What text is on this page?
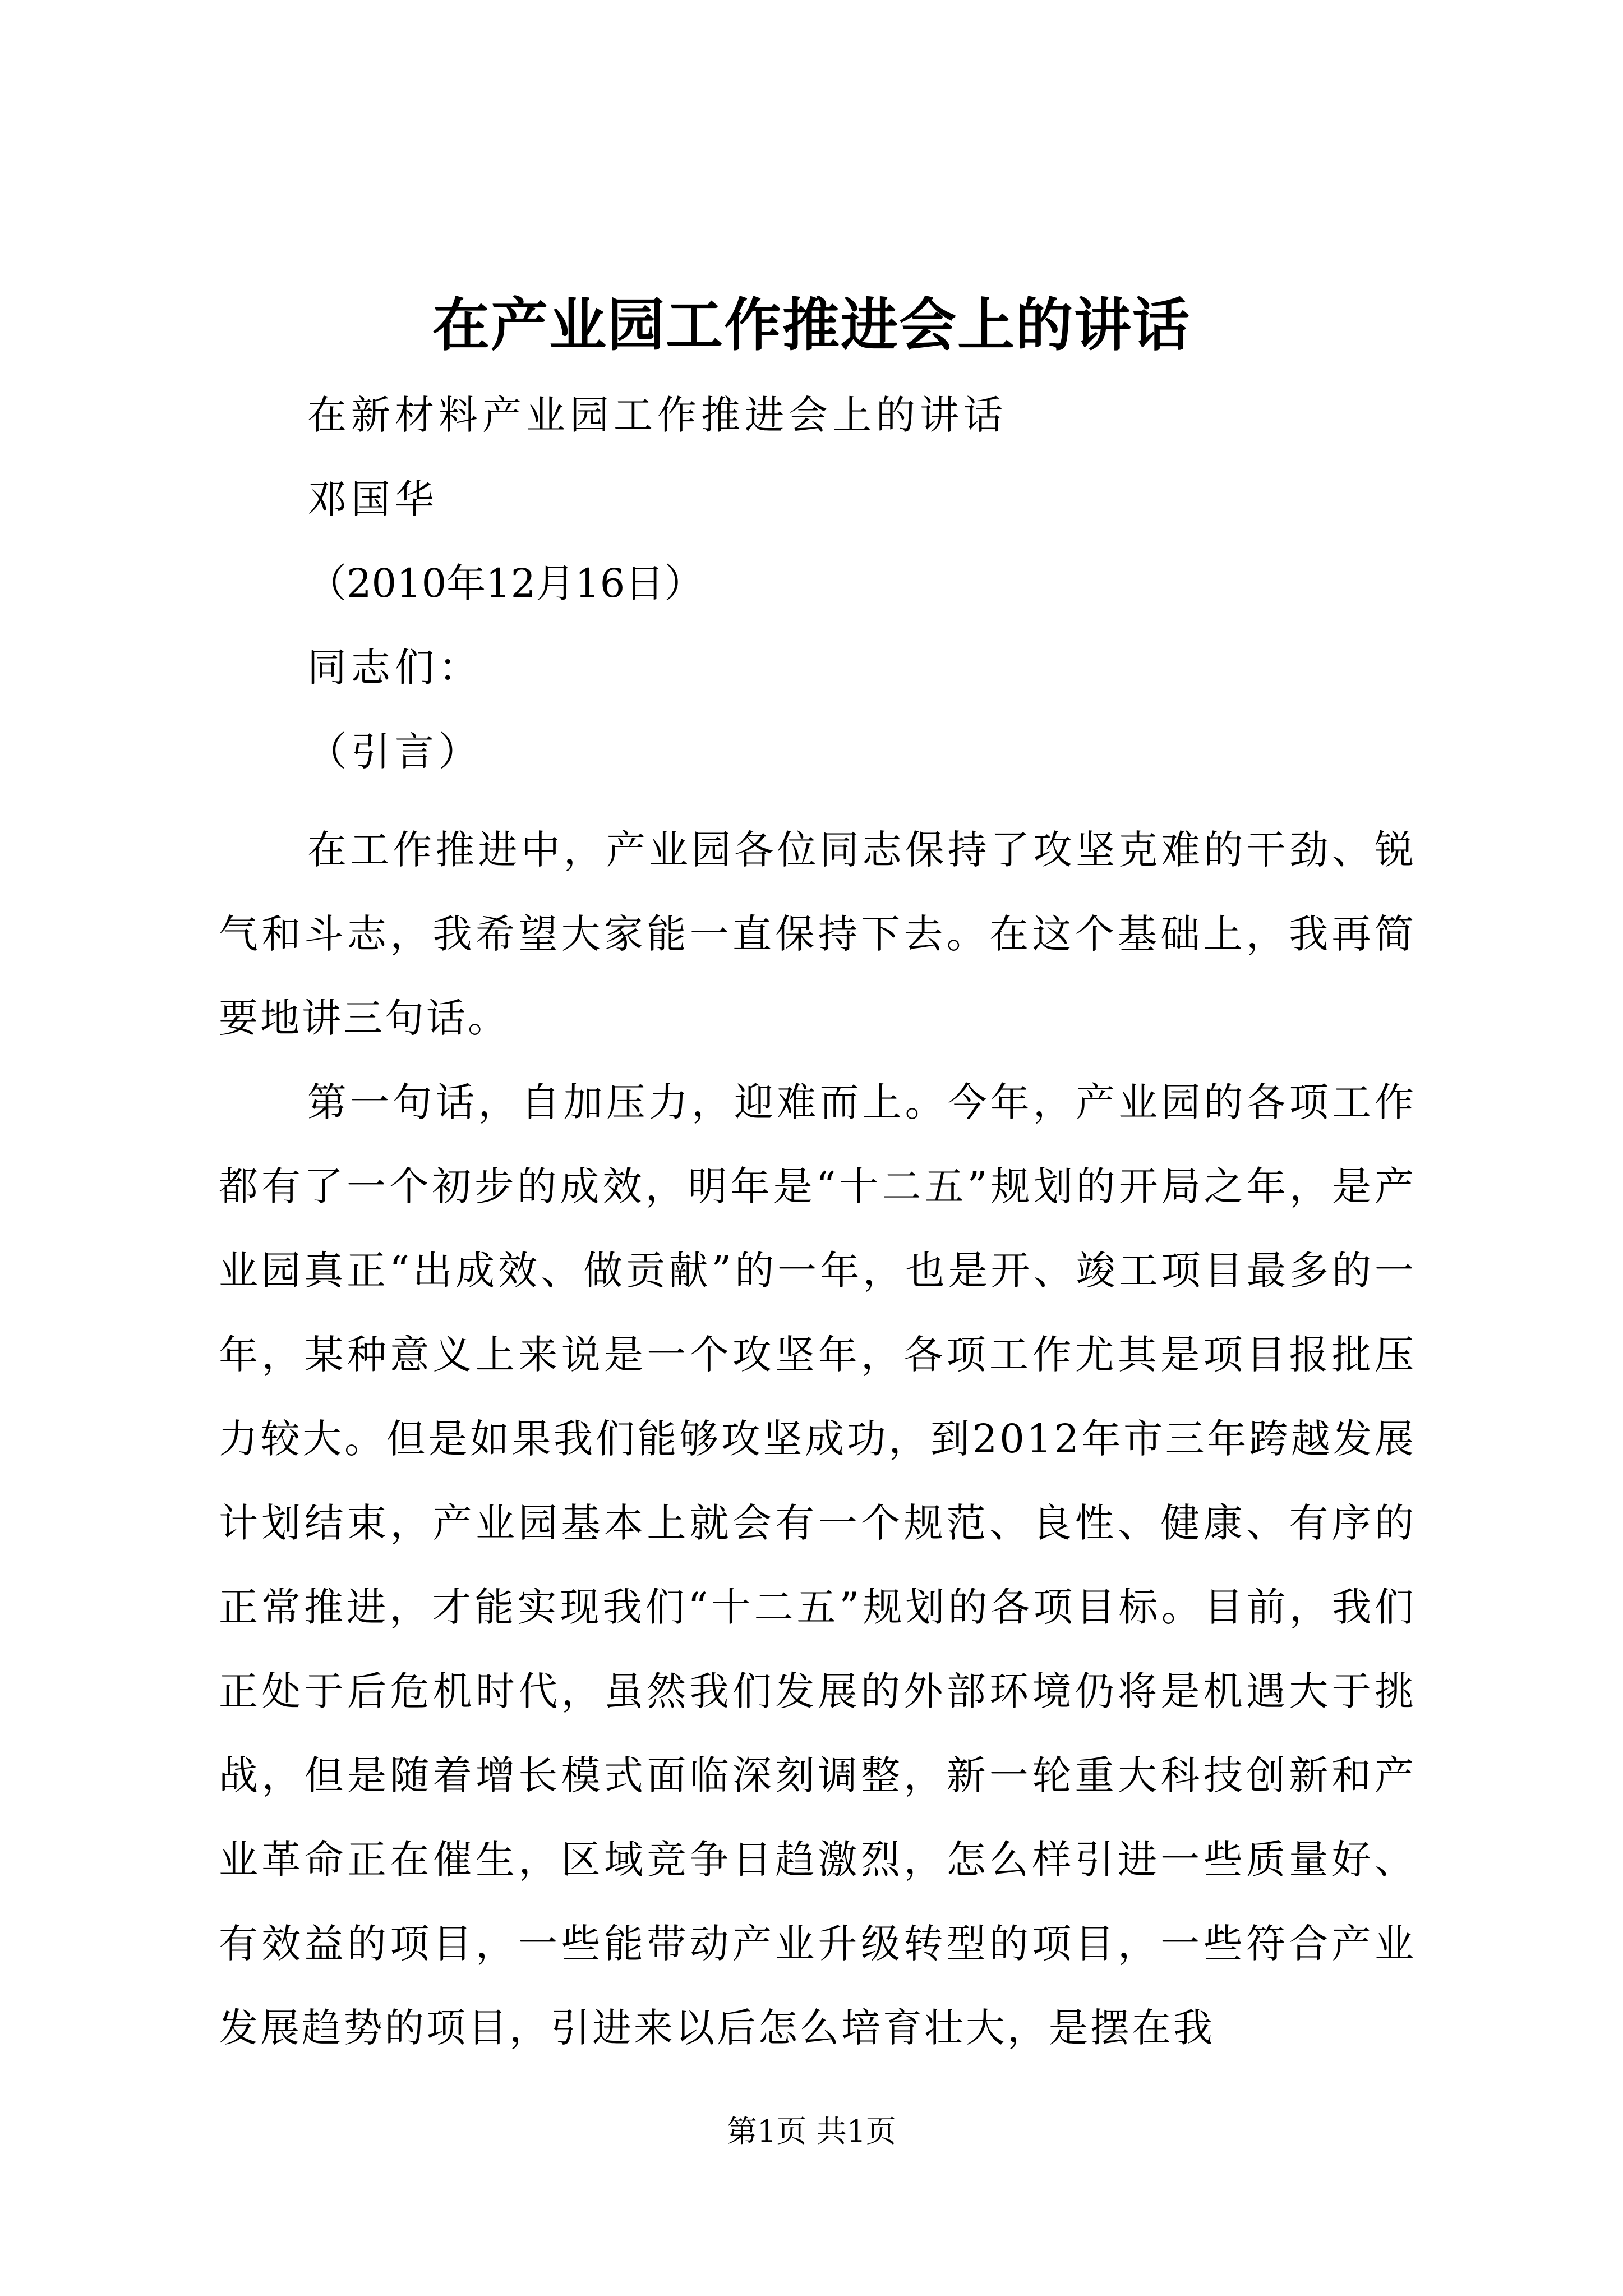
在产业园工作推进会上的讲话

在新材料产业园工作推进会上的讲话

邓国华

（2010年12月16日）

同志们：

（引言）

在工作推进中，产业园各位同志保持了攻坚克难的干劲、锐气和斗志，我希望大家能一直保持下去。在这个基础上，我再简要地讲三句话。

第一句话，自加压力，迎难而上。今年，产业园的各项工作都有了一个初步的成效，明年是“十二五”规划的开局之年，是产业园真正“出成效、做贡献”的一年，也是开、竣工项目最多的一年，某种意义上来说是一个攻坚年，各项工作尤其是项目报批压力较大。但是如果我们能够攻坚成功，到2012年市三年跨越发展计划结束，产业园基本上就会有一个规范、良性、健康、有序的正常推进，才能实现我们“十二五”规划的各项目标。目前，我们正处于后危机时代，虽然我们发展的外部环境仍将是机遇大于挑战，但是随着增长模式面临深刻调整，新一轮重大科技创新和产业革命正在催生，区域竞争日趋激烈，怎么样引进一些质量好、有效益的项目，一些能带动产业升级转型的项目，一些符合产业发展趋势的项目，引进来以后怎么培育壮大，是摆在我

第1页 共1页
